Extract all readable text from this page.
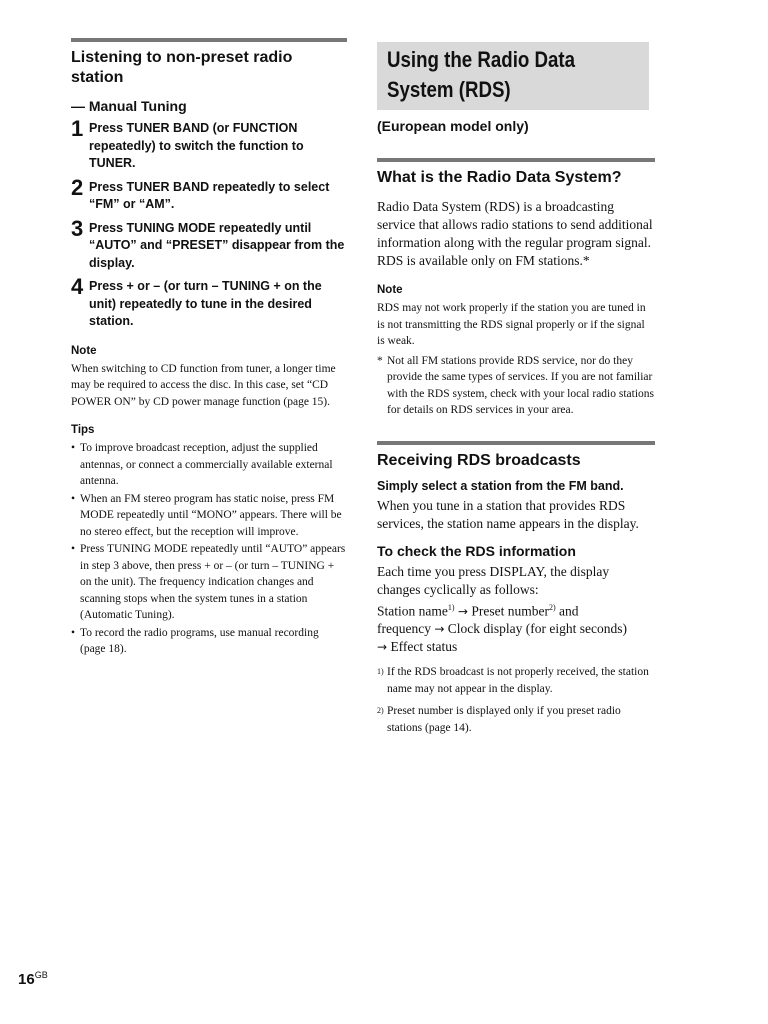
Listening to non-preset radio station
— Manual Tuning
1 Press TUNER BAND (or FUNCTION repeatedly) to switch the function to TUNER.
2 Press TUNER BAND repeatedly to select “FM” or “AM”.
3 Press TUNING MODE repeatedly until “AUTO” and “PRESET” disappear from the display.
4 Press + or – (or turn – TUNING + on the unit) repeatedly to tune in the desired station.
Note
When switching to CD function from tuner, a longer time may be required to access the disc. In this case, set “CD POWER ON” by CD power manage function (page 15).
Tips
• To improve broadcast reception, adjust the supplied antennas, or connect a commercially available external antenna.
• When an FM stereo program has static noise, press FM MODE repeatedly until “MONO” appears. There will be no stereo effect, but the reception will improve.
• Press TUNING MODE repeatedly until “AUTO” appears in step 3 above, then press + or – (or turn – TUNING + on the unit). The frequency indication changes and scanning stops when the system tunes in a station (Automatic Tuning).
• To record the radio programs, use manual recording (page 18).
Using the Radio Data
System (RDS)
(European model only)
What is the Radio Data System?
Radio Data System (RDS) is a broadcasting service that allows radio stations to send additional information along with the regular program signal. RDS is available only on FM stations.*
Note
RDS may not work properly if the station you are tuned in is not transmitting the RDS signal properly or if the signal is weak.
* Not all FM stations provide RDS service, nor do they provide the same types of services. If you are not familiar with the RDS system, check with your local radio stations for details on RDS services in your area.
Receiving RDS broadcasts
Simply select a station from the FM band.
When you tune in a station that provides RDS services, the station name appears in the display.
To check the RDS information
Each time you press DISPLAY, the display changes cyclically as follows:
Station name$^{1)}$ → Preset number$^{2)}$ and
frequency → Clock display (for eight seconds)
→ Effect status
1) If the RDS broadcast is not properly received, the station name may not appear in the display.
2) Preset number is displayed only if you preset radio stations (page 14).
$16^{GB}$
